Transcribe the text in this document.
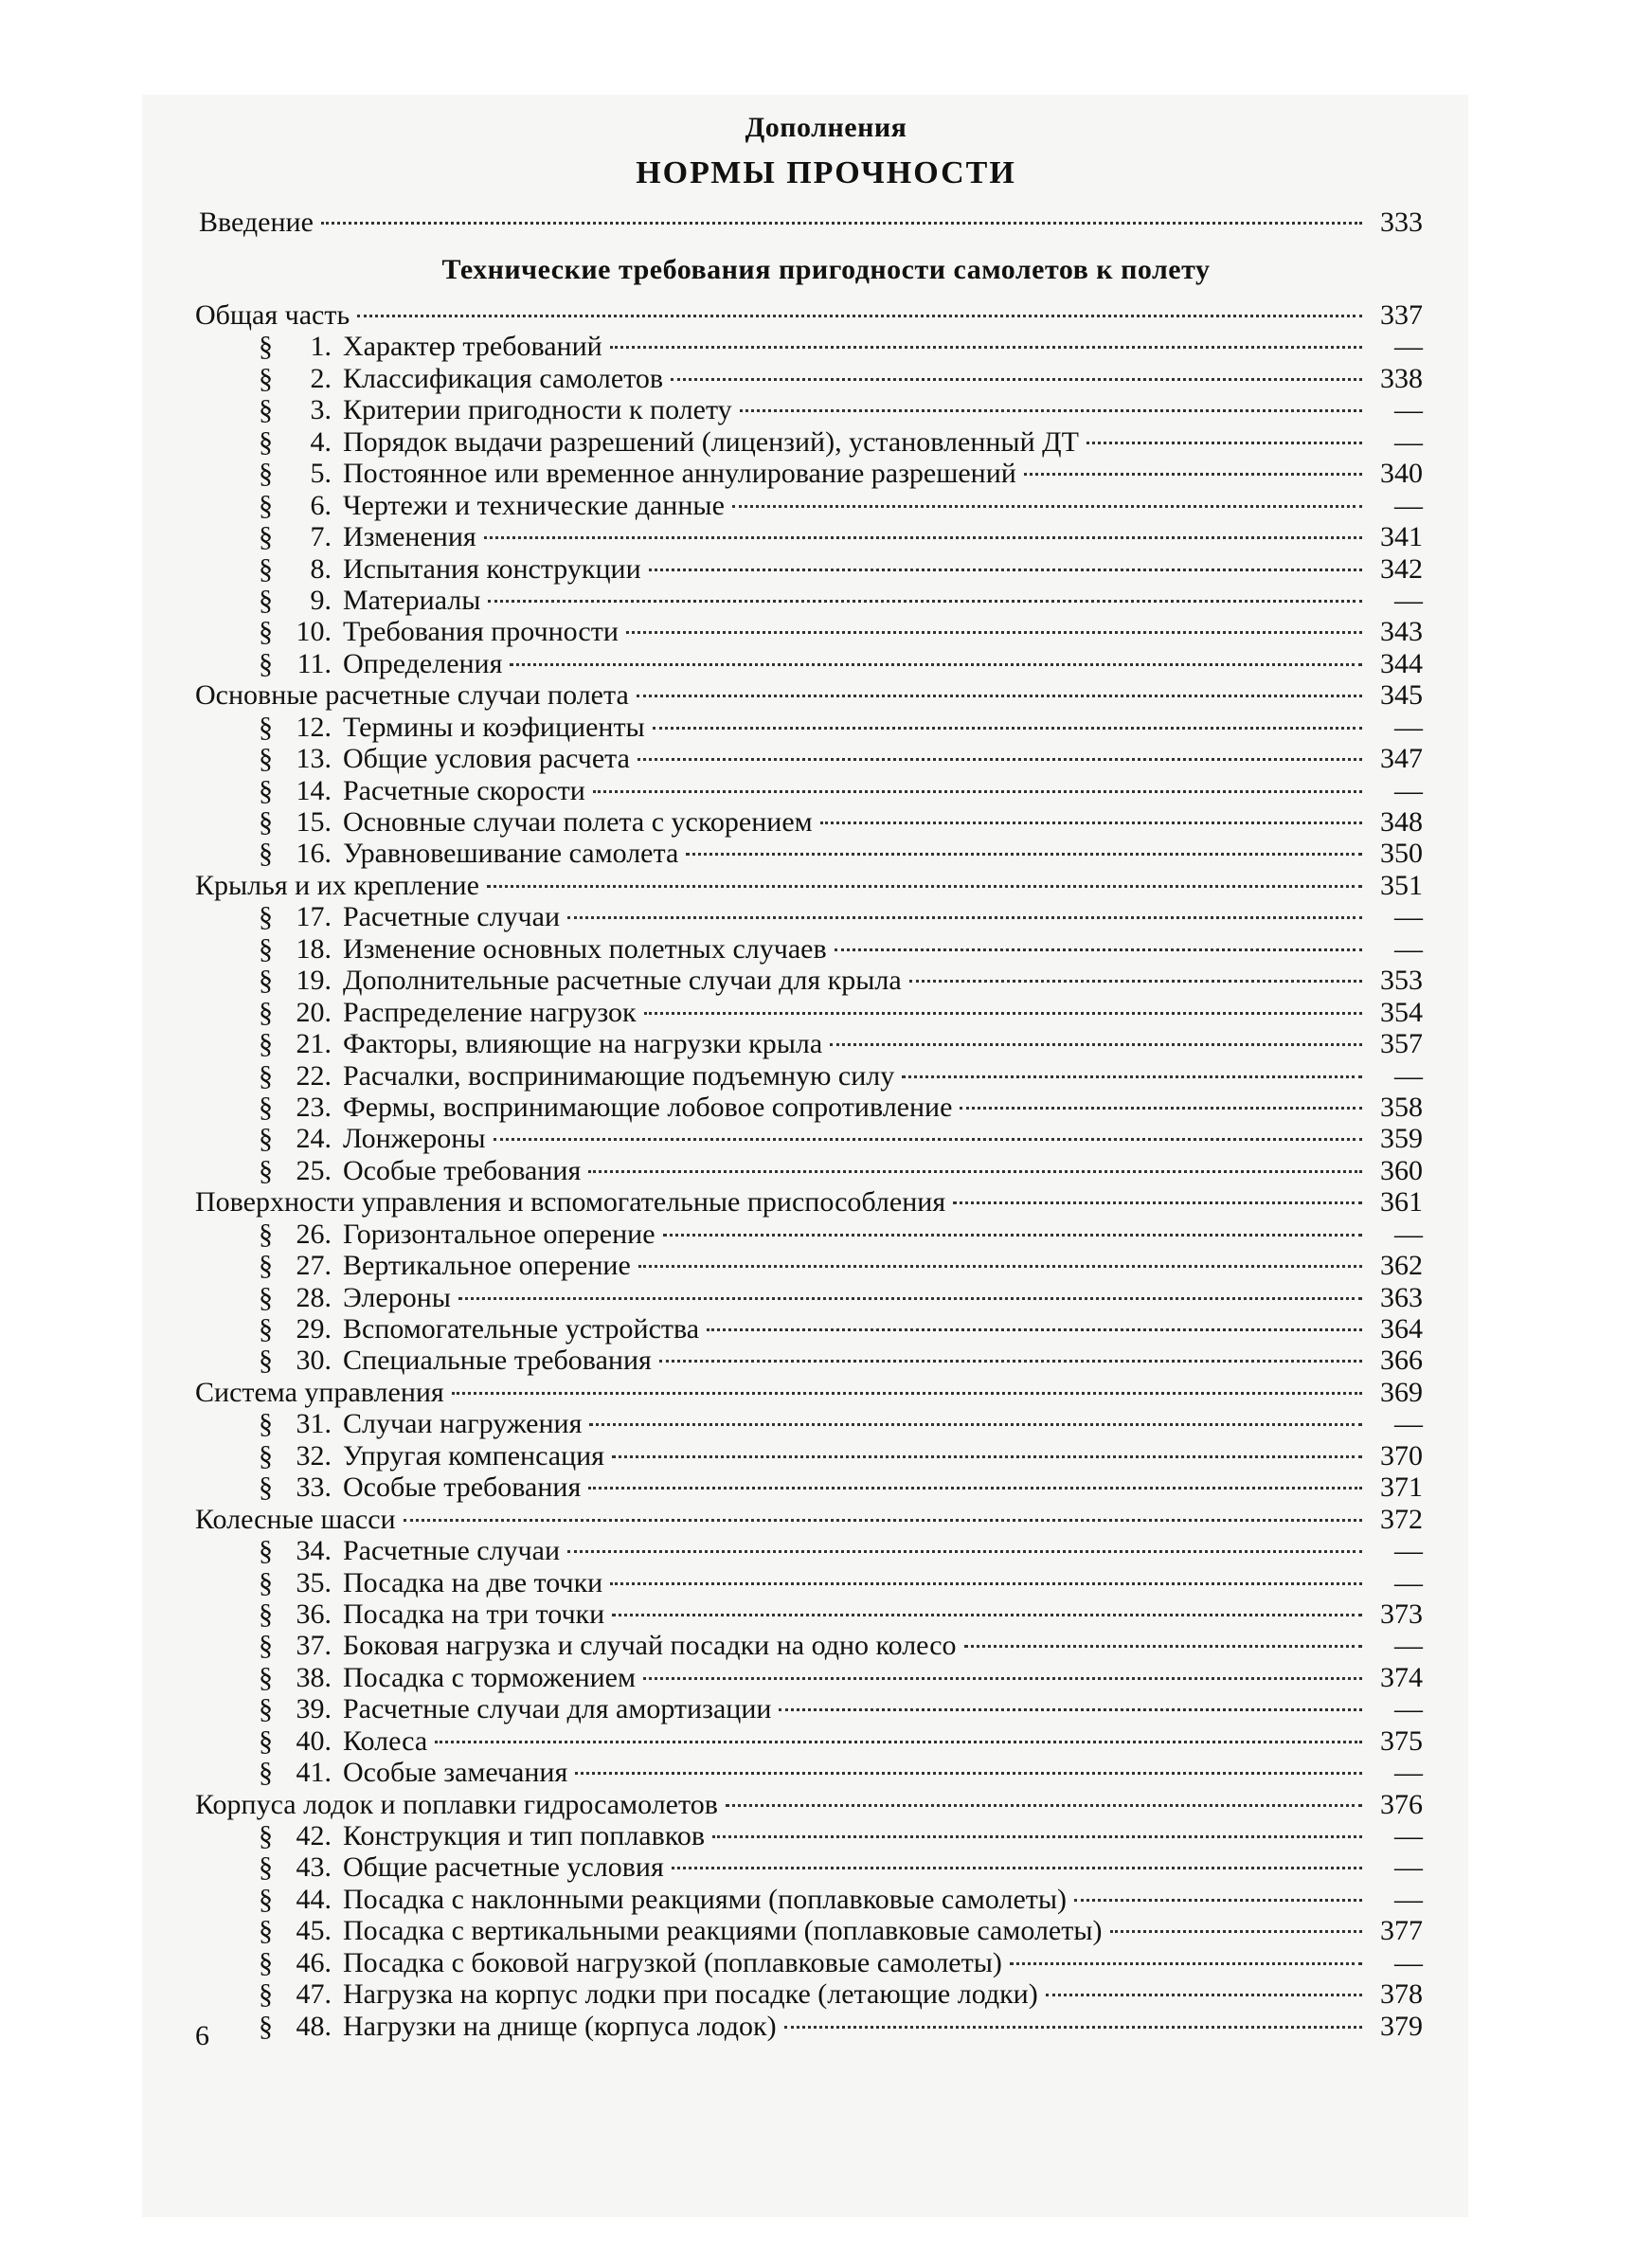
Дополнения
НОРМЫ ПРОЧНОСТИ
Введение	333
Технические требования пригодности самолетов к полету
Общая часть	337
§	1. Характер требований	—
§	2. Классификация самолетов	338
§	3. Критерии пригодности к полету	—
§	4. Порядок выдачи разрешений (лицензий), установленный ДТ	—
§	5. Постоянное или временное аннулирование разрешений	340
§	6. Чертежи и технические данные	—
§	7. Изменения	341
§	8. Испытания конструкции	342
§	9. Материалы	—
§ 10. Требования прочности	343
§ 11. Определения	344
Основные расчетные случаи полета	345
§ 12. Термины и коэфициенты	—
§ 13. Общие условия расчета	347
§ 14. Расчетные скорости	—
§ 15. Основные случаи полета с ускорением	348
§ 16. Уравновешивание самолета	350
Крылья и их крепление	351
§ 17. Расчетные случаи	—
§ 18. Изменение основных полетных случаев	—
§ 19. Дополнительные расчетные случаи для крыла	353
§ 20. Распределение нагрузок	354
§ 21. Факторы, влияющие на нагрузки крыла	357
§ 22. Расчалки, воспринимающие подъемную силу	—
§ 23. Фермы, воспринимающие лобовое сопротивление	358
§ 24. Лонжероны	359
§ 25. Особые требования	360
Поверхности управления и вспомогательные приспособления	361
§ 26. Горизонтальное оперение	—
§ 27. Вертикальное оперение	362
§ 28. Элероны	363
§ 29. Вспомогательные устройства	364
§ 30. Специальные требования	366
Система управления	369
§ 31. Случаи нагружения	—
§ 32. Упругая компенсация	370
§ 33. Особые требования	371
Колесные шасси	372
§ 34. Расчетные случаи	—
§ 35. Посадка на две точки	—
§ 36. Посадка на три точки	373
§ 37. Боковая нагрузка и случай посадки на одно колесо	—
§ 38. Посадка с торможением	374
§ 39. Расчетные случаи для амортизации	—
§ 40. Колеса	375
§ 41. Особые замечания	—
Корпуса лодок и поплавки гидросамолетов	376
§ 42. Конструкция и тип поплавков	—
§ 43. Общие расчетные условия	—
§ 44. Посадка с наклонными реакциями (поплавковые самолеты)	—
§ 45. Посадка с вертикальными реакциями (поплавковые самолеты)	377
§ 46. Посадка с боковой нагрузкой (поплавковые самолеты)	—
§ 47. Нагрузка на корпус лодки при посадке (летающие лодки)	378
§ 48. Нагрузки на днище (корпуса лодок)	379
6
